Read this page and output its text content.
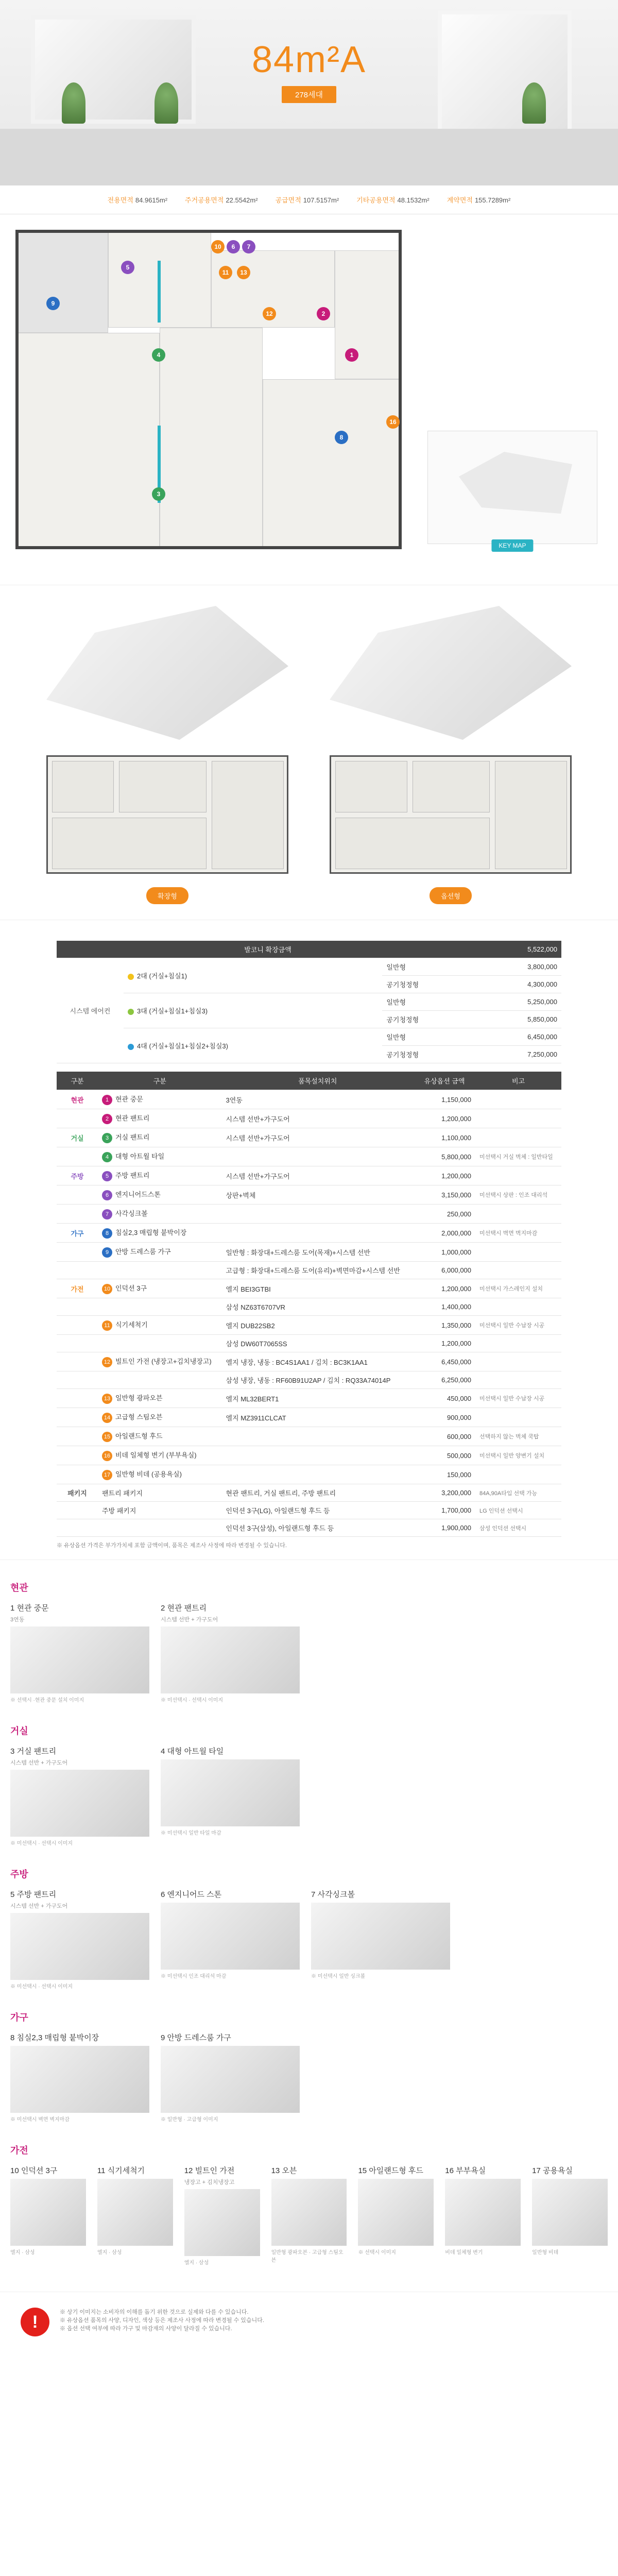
84m²A
278세대
전용면적 84.9615m²	주거공용면적 22.5542m²	공급면적 107.5157m²	기타공용면적 48.1532m²	계약면적 155.7289m²
9
5
10	6	7
11	13
12	2
1
4
3
8
16
KEY MAP
확장형	옵션형
발코니 확장금액			5,522,000
시스템 에어컨	2대 (거실+침실1)	일반형	3,800,000
		공기청정형	4,300,000
	3대 (거실+침실1+침실3)	일반형	5,250,000
		공기청정형	5,850,000
	4대 (거실+침실1+침실2+침실3)	일반형	6,450,000
		공기청정형	7,250,000
구분	구분	품목설치위치	유상옵션 금액	비고
현관	1 현관 중문	3연동	1,150,000	
	2 현관 팬트리	시스템 선반+가구도어	1,200,000	
거실	3 거실 팬트리	시스템 선반+가구도어	1,100,000	
	4 대형 아트월 타일		5,800,000	미선택시 거실 벽체 : 일반타일
주방	5 주방 팬트리	시스템 선반+가구도어	1,200,000	
	6 엔지니어드스톤	상판+벽체	3,150,000	미선택시 상판 : 인조 대리석
	7 사각싱크볼		250,000	
가구	8 침실2,3 매립형 붙박이장		2,000,000	미선택시 벽면 벽지마감
	9 안방 드레스룸 가구	일반형 : 화장대+드레스룸 도어(목재)+시스템 선반	1,000,000	
		고급형 : 화장대+드레스룸 도어(유리)+벽면마감+시스템 선반	6,000,000	
가전	10 인덕션 3구	엘지 BEI3GTBI	1,200,000	미선택시 가스레인지 설치
		삼성 NZ63T6707VR	1,400,000	
	11 식기세척기	엘지 DUB22SB2	1,350,000	미선택시 일반 수납장 시공
		삼성 DW60T7065SS	1,200,000	
	12 빌트인 가전 (냉장고+김치냉장고)	엘지 냉장, 냉동 : BC4S1AA1 / 김치 : BC3K1AA1	6,450,000	
		삼성 냉장, 냉동 : RF60B91U2AP / 김치 : RQ33A74014P	6,250,000	
	13 일반형 광파오븐	엘지 ML32BERT1	450,000	미선택시 일반 수납장 시공
	14 고급형 스팀오븐	엘지 MZ3911CLCAT	900,000	
	15 아일랜드형 후드		600,000	선택하지 않는 벽체 쿡탑
	16 비데 일체형 변기 (부부욕실)		500,000	미선택시 일반 양변기 설치
	17 일반형 비데 (공용욕실)		150,000	
패키지	팬트리 패키지	현관 팬트리, 거실 팬트리, 주방 팬트리	3,200,000	84A,90A타입 선택 가능
	주방 패키지	인덕션 3구(LG), 아일랜드형 후드 등	1,700,000	LG 인덕션 선택시
		인덕션 3구(삼성), 아일랜드형 후드 등	1,900,000	삼성 인덕션 선택시
※ 유상옵션 가격은 부가가치세 포함 금액이며, 품목은 제조사 사정에 따라 변경될 수 있습니다.
현관
1 현관 중문
3연동
※ 선택시 ·현관 중문 설치 이미지
2 현관 팬트리
시스템 선반 + 가구도어
※ 미선택시 · 선택시 이미지
거실
3 거실 팬트리
시스템 선반 + 가구도어
※ 미선택시 · 선택시 이미지
4 대형 아트월 타일
※ 미선택시 일반 타일 마감
주방
5 주방 팬트리
시스템 선반 + 가구도어
※ 미선택시 · 선택시 이미지
6 엔지니어드 스톤
※ 미선택시 인조 대리석 마감
7 사각싱크볼
※ 미선택시 일반 싱크볼
가구
8 침실2,3 매립형 붙박이장
※ 미선택시 벽면 벽지마감
9 안방 드레스룸 가구
※ 일반형 · 고급형 이미지
가전
10 인덕션 3구
엘지 · 삼성
11 식기세척기
엘지 · 삼성
12 빌트인 가전
냉장고 + 김치냉장고
엘지 · 삼성
13 오븐
일반형 광파오븐 · 고급형 스팀오븐
15 아일랜드형 후드
※ 선택시 이미지
16 부부욕실
비데 일체형 변기
17 공용욕실
일반형 비데
!	※ 상기 이미지는 소비자의 이해를 돕기 위한 것으로 실제와 다를 수 있습니다.

※ 유상옵션 품목의 사양, 디자인, 색상 등은 제조사 사정에 따라 변경될 수 있습니다.

※ 옵션 선택 여부에 따라 가구 및 마감재의 사양이 달라질 수 있습니다.
